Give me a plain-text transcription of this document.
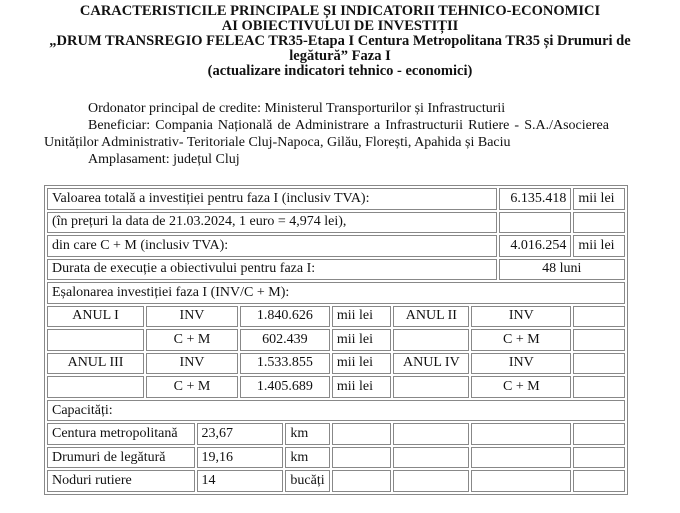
CARACTERISTICILE PRINCIPALE ȘI INDICATORII TEHNICO-ECONOMICI
AI OBIECTIVULUI DE INVESTIȚII
„DRUM TRANSREGIO FELEAC TR35-Etapa I Centura Metropolitana TR35 și Drumuri de
legătură” Faza I
(actualizare indicatori tehnico - economici)

Ordonator principal de credite: Ministerul Transporturilor și Infrastructurii

Beneficiar: Compania Națională de Administrare a Infrastructurii Rutiere - S.A./Asocierea

Unităților Administrativ- Teritoriale Cluj-Napoca, Gilău, Florești, Apahida și Baciu

Amplasament: județul Cluj

Valoarea totală a investiției pentru faza I (inclusiv TVA):								6.135.418	mii lei
(în prețuri la data de 21.03.2024, 1 euro = 4,974 lei),									
din care C + M (inclusiv TVA):								4.016.254	mii lei
Durata de execuție a obiectivului pentru faza I:								48 luni	
Eșalonarea investiției faza I (INV/C + M):									
ANUL I	INV		1.840.626		mii lei	ANUL II	INV		
	C + M		602.439		mii lei		C + M		
ANUL III	INV		1.533.855		mii lei	ANUL IV	INV		
	C + M		1.405.689		mii lei		C + M		
Capacități:									
Centura metropolitană		23,67		km					
Drumuri de legătură		19,16		km					
Noduri rutiere		14		bucăți					
